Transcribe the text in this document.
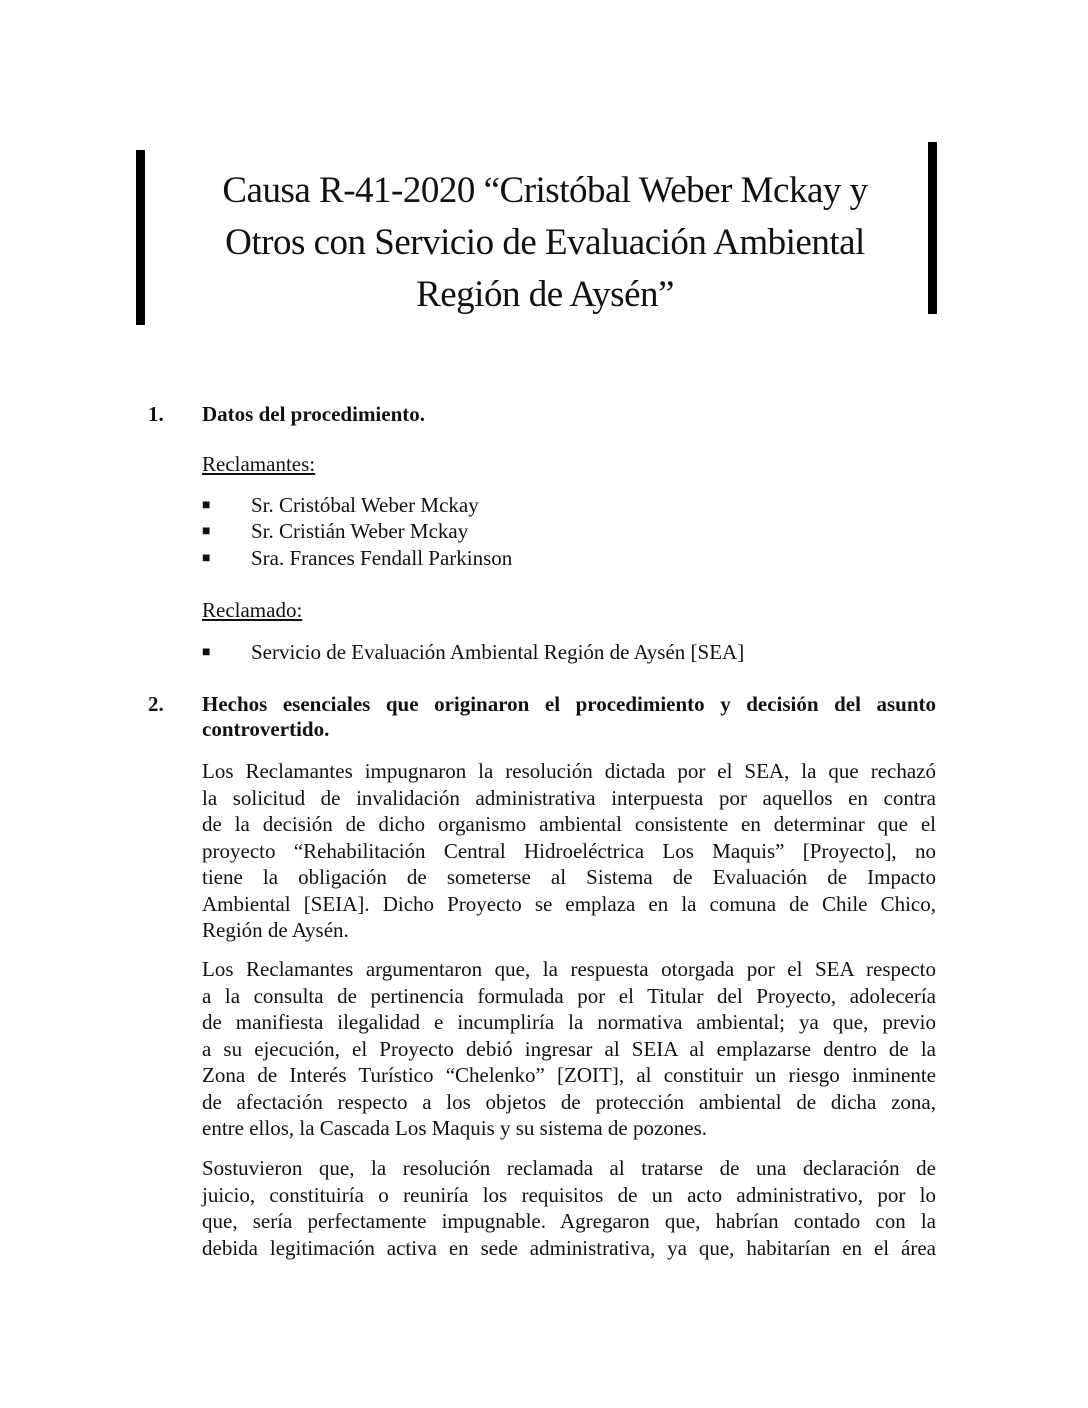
Causa R-41-2020 “Cristóbal Weber Mckay y
Otros con Servicio de Evaluación Ambiental
Región de Aysén”
1. Datos del procedimiento.
Reclamantes:
■ Sr. Cristóbal Weber Mckay
■ Sr. Cristián Weber Mckay
■ Sra. Frances Fendall Parkinson
Reclamado:
■ Servicio de Evaluación Ambiental Región de Aysén [SEA]
2. Hechos esenciales que originaron el procedimiento y decisión del asunto
controvertido.
Los Reclamantes impugnaron la resolución dictada por el SEA, la que rechazó
la solicitud de invalidación administrativa interpuesta por aquellos en contra
de la decisión de dicho organismo ambiental consistente en determinar que el
proyecto “Rehabilitación Central Hidroeléctrica Los Maquis” [Proyecto], no
tiene la obligación de someterse al Sistema de Evaluación de Impacto
Ambiental [SEIA]. Dicho Proyecto se emplaza en la comuna de Chile Chico,
Región de Aysén.
Los Reclamantes argumentaron que, la respuesta otorgada por el SEA respecto
a la consulta de pertinencia formulada por el Titular del Proyecto, adolecería
de manifiesta ilegalidad e incumpliría la normativa ambiental; ya que, previo
a su ejecución, el Proyecto debió ingresar al SEIA al emplazarse dentro de la
Zona de Interés Turístico “Chelenko” [ZOIT], al constituir un riesgo inminente
de afectación respecto a los objetos de protección ambiental de dicha zona,
entre ellos, la Cascada Los Maquis y su sistema de pozones.
Sostuvieron que, la resolución reclamada al tratarse de una declaración de
juicio, constituiría o reuniría los requisitos de un acto administrativo, por lo
que, sería perfectamente impugnable. Agregaron que, habrían contado con la
debida legitimación activa en sede administrativa, ya que, habitarían en el área
